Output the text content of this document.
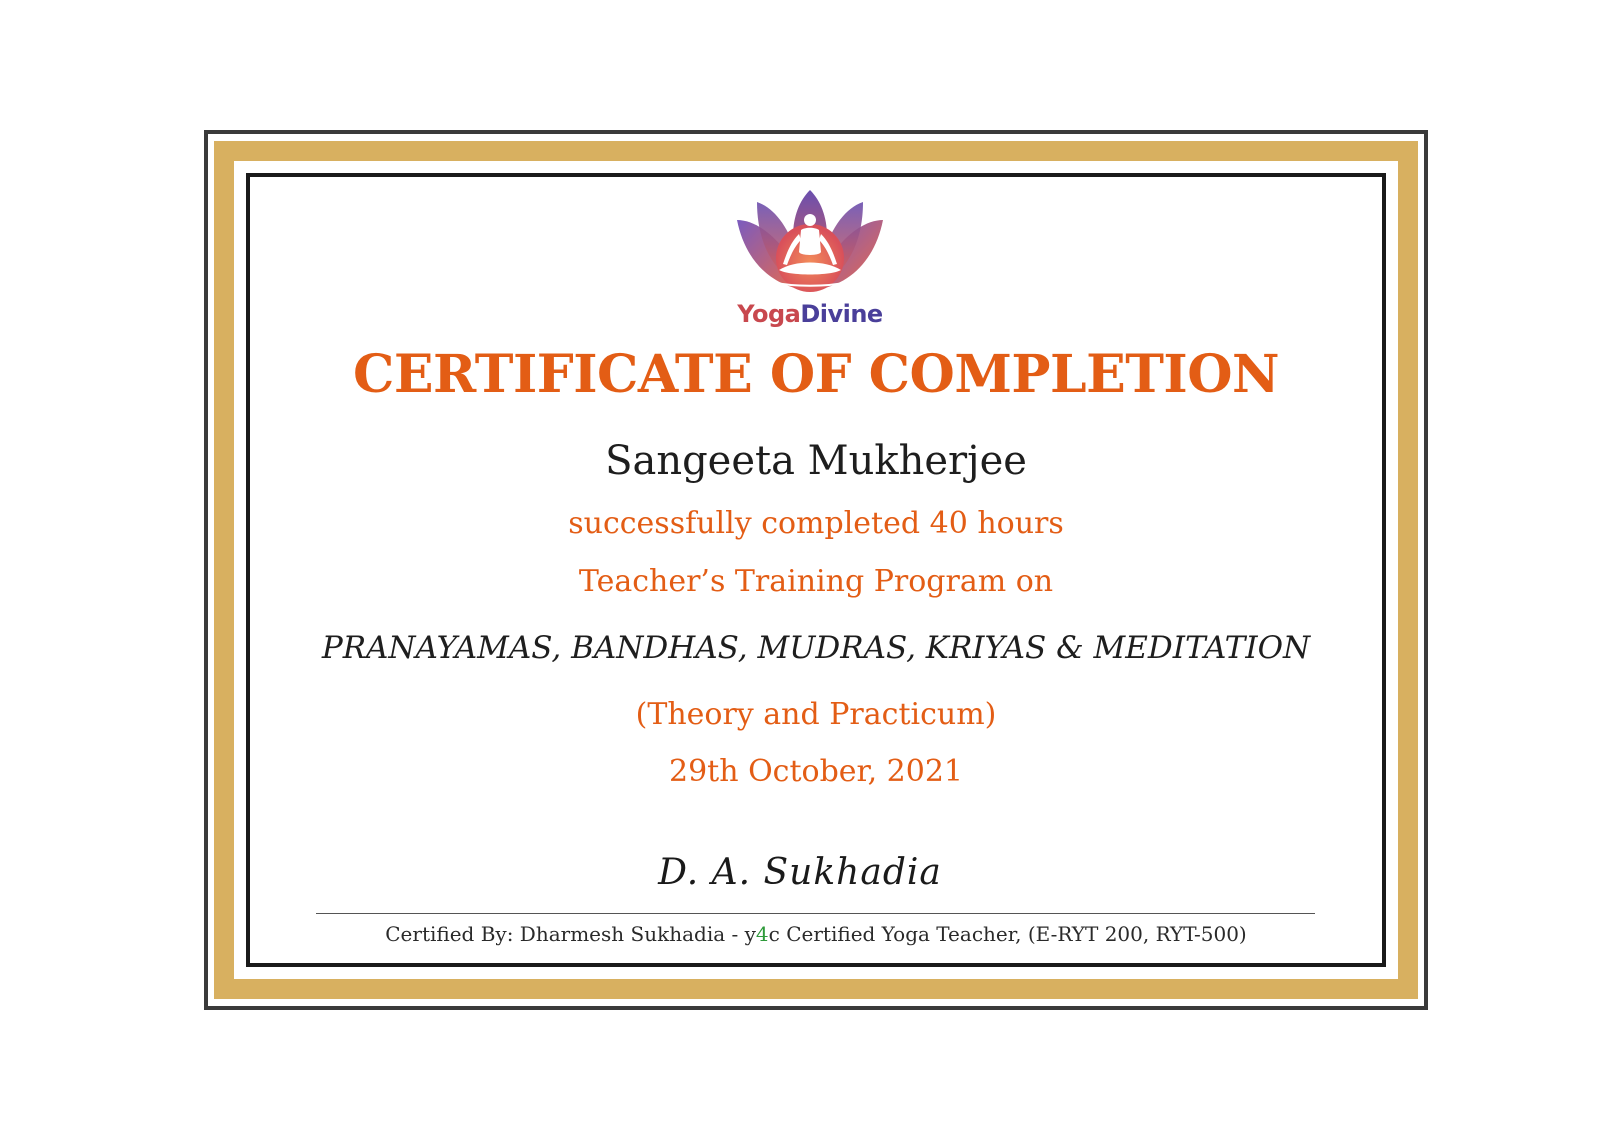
YogaDivine
CERTIFICATE OF COMPLETION
Sangeeta Mukherjee
successfully completed 40 hours
Teacher’s Training Program on
PRANAYAMAS, BANDHAS, MUDRAS, KRIYAS & MEDITATION
(Theory and Practicum)
29th October, 2021
D. A. Sukhadia
Certified By: Dharmesh Sukhadia - y4c Certified Yoga Teacher, (E-RYT 200, RYT-500)
